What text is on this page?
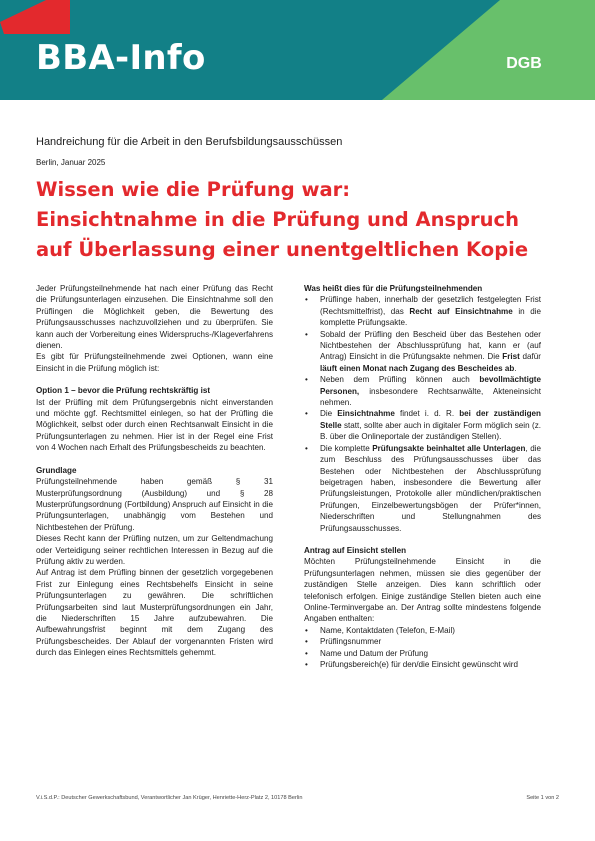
BBA-Info	DGB
Handreichung für die Arbeit in den Berufsbildungsausschüssen
Berlin, Januar 2025
Wissen wie die Prüfung war:
Einsichtnahme in die Prüfung und Anspruch
auf Überlassung einer unentgeltlichen Kopie

Jeder Prüfungsteilnehmende hat nach einer Prüfung das Recht die Prüfungsunterlagen einzusehen. Die Einsichtnahme soll den Prüflingen die Möglichkeit geben, die Bewertung des Prüfungsausschusses nachzuvollziehen und zu überprüfen. Sie kann auch der Vorbereitung eines Widerspruchs-/Klageverfahrens dienen.

Es gibt für Prüfungsteilnehmende zwei Optionen, wann eine Einsicht in die Prüfung möglich ist:

Option 1 – bevor die Prüfung rechtskräftig ist

Ist der Prüfling mit dem Prüfungsergebnis nicht einverstanden und möchte ggf. Rechtsmittel einlegen, so hat der Prüfling die Möglichkeit, selbst oder durch einen Rechtsanwalt Einsicht in die Prüfungsunterlagen zu nehmen. Hier ist in der Regel eine Frist von 4 Wochen nach Erhalt des Prüfungsbescheids zu beachten.

Grundlage

Prüfungsteilnehmende haben gemäß § 31 Musterprüfungsordnung (Ausbildung) und § 28 Musterprüfungsordnung (Fortbildung) Anspruch auf Einsicht in die Prüfungsunterlagen, unabhängig vom Bestehen und Nichtbestehen der Prüfung.

Dieses Recht kann der Prüfling nutzen, um zur Geltendmachung oder Verteidigung seiner rechtlichen Interessen in Bezug auf die Prüfung aktiv zu werden.

Auf Antrag ist dem Prüfling binnen der gesetzlich vorgegebenen Frist zur Einlegung eines Rechtsbehelfs Einsicht in seine Prüfungsunterlagen zu gewähren. Die schriftlichen Prüfungsarbeiten sind laut Musterprüfungsordnungen ein Jahr, die Niederschriften 15 Jahre aufzubewahren. Die Aufbewahrungsfrist beginnt mit dem Zugang des Prüfungsbescheides. Der Ablauf der vorgenannten Fristen wird durch das Einlegen eines Rechtsmittels gehemmt.

Was heißt dies für die Prüfungsteilnehmenden

• Prüflinge haben, innerhalb der gesetzlich festgelegten Frist (Rechtsmittelfrist), das Recht auf Einsichtnahme in die komplette Prüfungsakte.
• Sobald der Prüfling den Bescheid über das Bestehen oder Nichtbestehen der Abschlussprüfung hat, kann er (auf Antrag) Einsicht in die Prüfungsakte nehmen. Die Frist dafür läuft einen Monat nach Zugang des Bescheides ab.
• Neben dem Prüfling können auch bevollmächtigte Personen, insbesondere Rechtsanwälte, Akteneinsicht nehmen.
• Die Einsichtnahme findet i. d. R. bei der zuständigen Stelle statt, sollte aber auch in digitaler Form möglich sein (z. B. über die Onlineportale der zuständigen Stellen).
• Die komplette Prüfungsakte beinhaltet alle Unterlagen, die zum Beschluss des Prüfungsausschusses über das Bestehen oder Nichtbestehen der Abschlussprüfung beigetragen haben, insbesondere die Bewertung aller Prüfungsleistungen, Protokolle aller mündlichen/praktischen Prüfungen, Einzelbewertungsbögen der Prüfer*innen, Niederschriften und Stellungnahmen des Prüfungsausschusses.

Antrag auf Einsicht stellen

Möchten Prüfungsteilnehmende Einsicht in die Prüfungsunterlagen nehmen, müssen sie dies gegenüber der zuständigen Stelle anzeigen. Dies kann schriftlich oder telefonisch erfolgen. Einige zuständige Stellen bieten auch eine Online-Terminvergabe an. Der Antrag sollte mindestens folgende Angaben enthalten:

• Name, Kontaktdaten (Telefon, E-Mail)
• Prüflingsnummer
• Name und Datum der Prüfung
• Prüfungsbereich(e) für den/die Einsicht gewünscht wird
V.i.S.d.P.: Deutscher Gewerkschaftsbund, Verantwortlicher Jan Krüger, Henriette-Herz-Platz 2, 10178 Berlin	Seite 1 von 2
